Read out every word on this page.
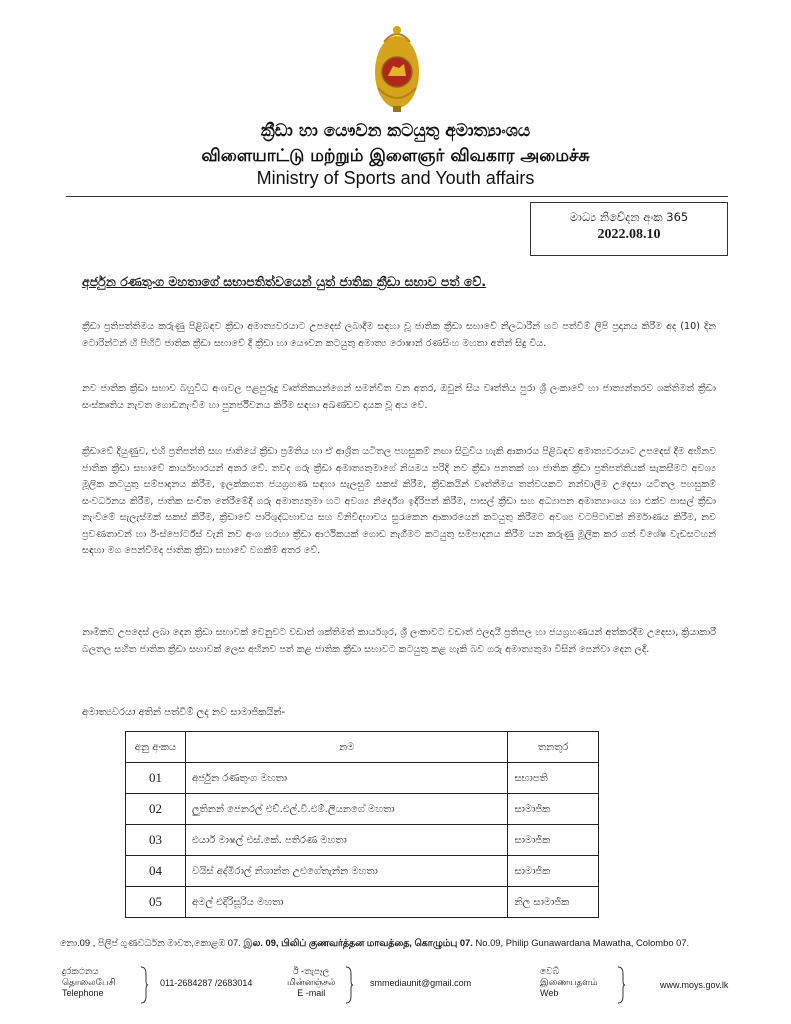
ක්‍රීඩා හා යෞවන කටයුතු අමාත්‍යාංශය
விளையாட்டு மற்றும் இளைஞர் விவகார அமைச்சு
Ministry of Sports and Youth affairs
මාධ්‍ය නිවේදන අංක 365
2022.08.10
අර්ජුන රණතුංග මහතාගේ සභාපතිත්වයෙන් යුත් ජාතික ක්‍රීඩා සභාව පත් වේ.
ක්‍රීඩා ප්‍රතිපත්තිමය කරුණු පිළිබඳව ක්‍රීඩා අමාත්‍යවරයාට උපදෙස් ලබාදීම සඳහා වූ ජාතික ක්‍රීඩා සභාවේ නිලධාරීන් හට පත්වීම් ලිපි ප්‍රදානය කිරීම අද (10) දින ටොරින්ටන් හි පිහිටි ජාතික ක්‍රීඩා සභාවේ දී ක්‍රීඩා හා යෞවන කටයුතු අමාත්‍ය රොෂාන් රණසිංහ මහතා අතින් සිදු විය.
නව ජාතික ක්‍රීඩා සභාව බහුවිධ අංශවල පළපුරුදු වෘත්තිකයන්ගෙන් සමන්විත වන අතර, ඔවුන් සිය වෘත්තිය පුරා ශ්‍රී ලංකාවේ හා ජාත්‍යන්තරව ශක්තිමත් ක්‍රීඩා සංස්කෘතිය නැවත ගොඩනැංවීම හා පුනර්ජීවනය කිරීම සඳහා අඛණ්ඩව දායක වූ අය වේ.
ක්‍රීඩාවේ දියුණුව, එහි ප්‍රතිපත්ති සහ ජාතියේ ක්‍රීඩා ප්‍රමිතිය හා ඒ ආශ්‍රිත යටිතල පහසුකම් නඟා සිටුවිය හැකි ආකාරය පිළිබඳව අමාත්‍යවරයාට උපදෙස් දීම අභිනව ජාතික ක්‍රීඩා සභාවේ කාර්යභාරයන් අතර වේ. තවද ගරු ක්‍රීඩා අමාත්‍යතුමාගේ නියමය පරිදි නව ක්‍රීඩා පනතක් හා ජාතික ක්‍රීඩා ප්‍රතිපත්තියක් සැකසීමට අවශ්‍ය මූලික කටයුතු සම්පාදනය කිරීම, ඉලක්කගත ජයග්‍රහණ සඳහා සැලසුම් සකස් කිරීම, ක්‍රීඩකයින් වෘත්තීමය තත්වයකට නන්වාලීම උදෙසා යටිතල පහසුකම් සංවර්ධනය කිරීම, ජාතික සංචිත තේරීමේදී ගරු අමාත්‍යතුමා හට අවශ්‍ය නිර්දේශ ඉදිරිපත් කිරීම, පාසල් ක්‍රීඩා සහ අධ්‍යාපන අමාත්‍යාංශය හා එක්ව පාසල් ක්‍රීඩා නැංවීමේ සැලැස්මක් සකස් කිරීම, ක්‍රීඩාවේ පාරිශුද්ධභාවය සහ විනිවිදභාවය සුරැකෙන ආකාරයෙන් කටයුතු කිරීමට අවශ්‍ය වටපිටාවක් නිර්මාණය කිරීම, නව ප්‍රවණතාවන් හා ඊ-ස්පෝර්ට්ස් වැනි නව අංශ හරහා ක්‍රීඩා ආර්ථිකයක් ගොඩ නැගීමට කටයුතු සම්පාදනය කිරීම යන කරුණු මූලික කර ගත් විශේෂ වැඩසටහන් සඳහා මග පෙන්වීමද ජාතික ක්‍රීඩා සභාවේ වගකීම් අතර වේ.
නාමිකව උපදෙස් ලබා දෙන ක්‍රීඩා සභාවක් වෙනුවට වඩාත් ශක්තිමත් කාර්යශූර, ශ්‍රී ලංකාවට වඩාත් ඵලදායී ප්‍රතිපල හා ජයග්‍රහණයන් අත්කරදීම උදෙසා, ක්‍රියාකාරී බලතල සහිත ජාතික ක්‍රීඩා සභාවක් ලෙස අභිනව පත් කළ ජාතික ක්‍රීඩා සභාවට කටයුතු කළ හැකි බව ගරු අමාත්‍යතුමා විසින් පෙන්වා දෙන ලදී.
අමාත්‍යවරයා අතින් පත්වීම් ලද නව සාමාජිකයින්-
අනු අංකය	නම	තනතුර
01	අර්ජුන රණතුංග මහතා	සභාපති
02	ලුතිනන් ජෙනරල් එච්.එල්.වී.එම්.ලියනගේ මහතා	සාමාජික
03	එයාර් මාෂල් එස්.කේ. පතිරණ මහතා	සාමාජික
04	වයිස් අද්මිරාල් නිශාන්ත උළුගේතැන්න මහතා	සාමාජික
05	අමල් එදිරිසූරිය මහතා	නිල සාමාජික
නො.09 , පිලිප් ගුණවර්ධන මාවත,කොළඹ 07. இல. 09, பிலிப் குணவர்த்தன மாவத்தை, கொழும்பு 07. No.09, Philip Gunawardana Mawatha, Colombo 07.
දුරකථනය
தொலைபேசி
Telephone
011-2684287 /2683014
ඊ -තැපෑල
மின்னஞ்சல்
E -mail
smmediaunit@gmail.com
වෙබ්
இணையதளம்
Web
www.moys.gov.lk
